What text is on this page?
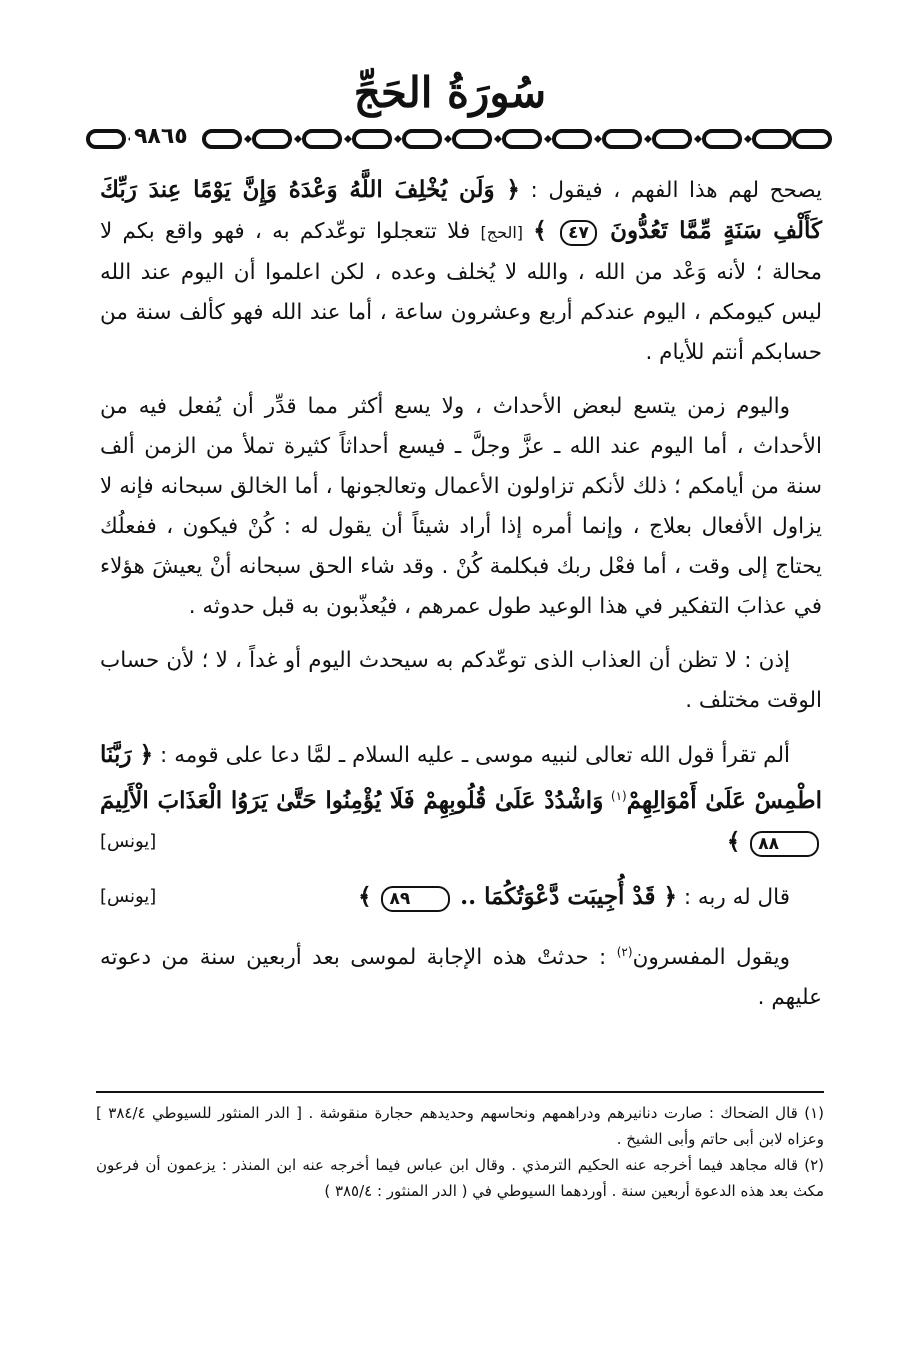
سُورَةُ الحَجِّ
٩٨٦٥

يصحح لهم هذا الفهم ، فيقول : ﴿ وَلَن يُخْلِفَ اللَّهُ وَعْدَهُ وَإِنَّ يَوْمًا عِندَ رَبِّكَ كَأَلْفِ سَنَةٍ مِّمَّا تَعُدُّونَ ٤٧ ﴾ [الحج] فلا تتعجلوا توعّدكم به ، فهو واقع بكم لا محالة ؛ لأنه وَعْد من الله ، والله لا يُخلف وعده ، لكن اعلموا أن اليوم عند الله ليس كيومكم ، اليوم عندكم أربع وعشرون ساعة ، أما عند الله فهو كألف سنة من حسابكم أنتم للأيام .

واليوم زمن يتسع لبعض الأحداث ، ولا يسع أكثر مما قدِّر أن يُفعل فيه من الأحداث ، أما اليوم عند الله ـ عزَّ وجلَّ ـ فيسع أحداثاً كثيرة تملأ من الزمن ألف سنة من أيامكم ؛ ذلك لأنكم تزاولون الأعمال وتعالجونها ، أما الخالق سبحانه فإنه لا يزاول الأفعال بعلاج ، وإنما أمره إذا أراد شيئاً أن يقول له : كُنْ فيكون ، ففعلُك يحتاج إلى وقت ، أما فعْل ربك فبكلمة كُنْ . وقد شاء الحق سبحانه أنْ يعيشَ هؤلاء في عذابَ التفكير في هذا الوعيد طول عمرهم ، فيُعذّبون به قبل حدوثه .

إذن : لا تظن أن العذاب الذى توعّدكم به سيحدث اليوم أو غداً ، لا ؛ لأن حساب الوقت مختلف .

ألم تقرأ قول الله تعالى لنبيه موسى ـ عليه السلام ـ لمَّا دعا على قومه : ﴿ رَبَّنَا اطْمِسْ عَلَىٰ أَمْوَالِهِمْ$^{(١)}$ وَاشْدُدْ عَلَىٰ قُلُوبِهِمْ فَلَا يُؤْمِنُوا حَتَّىٰ يَرَوُا الْعَذَابَ الْأَلِيمَ ٨٨ ﴾
[يونس]

قال له ربه : ﴿ قَدْ أُجِيبَت دَّعْوَتُكُمَا .. ٨٩ ﴾
[يونس]

ويقول المفسرون$^{(٢)}$ : حدثتْ هذه الإجابة لموسى بعد أربعين سنة من دعوته عليهم .

(١) قال الضحاك : صارت دنانيرهم ودراهمهم ونحاسهم وحديدهم حجارة منقوشة . [ الدر المنثور للسيوطي ٣٨٤/٤ ] وعزاه لابن أبى حاتم وأبى الشيخ .

(٢) قاله مجاهد فيما أخرجه عنه الحكيم الترمذي . وقال ابن عباس فيما أخرجه عنه ابن المنذر : يزعمون أن فرعون مكث بعد هذه الدعوة أربعين سنة . أوردهما السيوطي في ( الدر المنثور : ٣٨٥/٤ )
